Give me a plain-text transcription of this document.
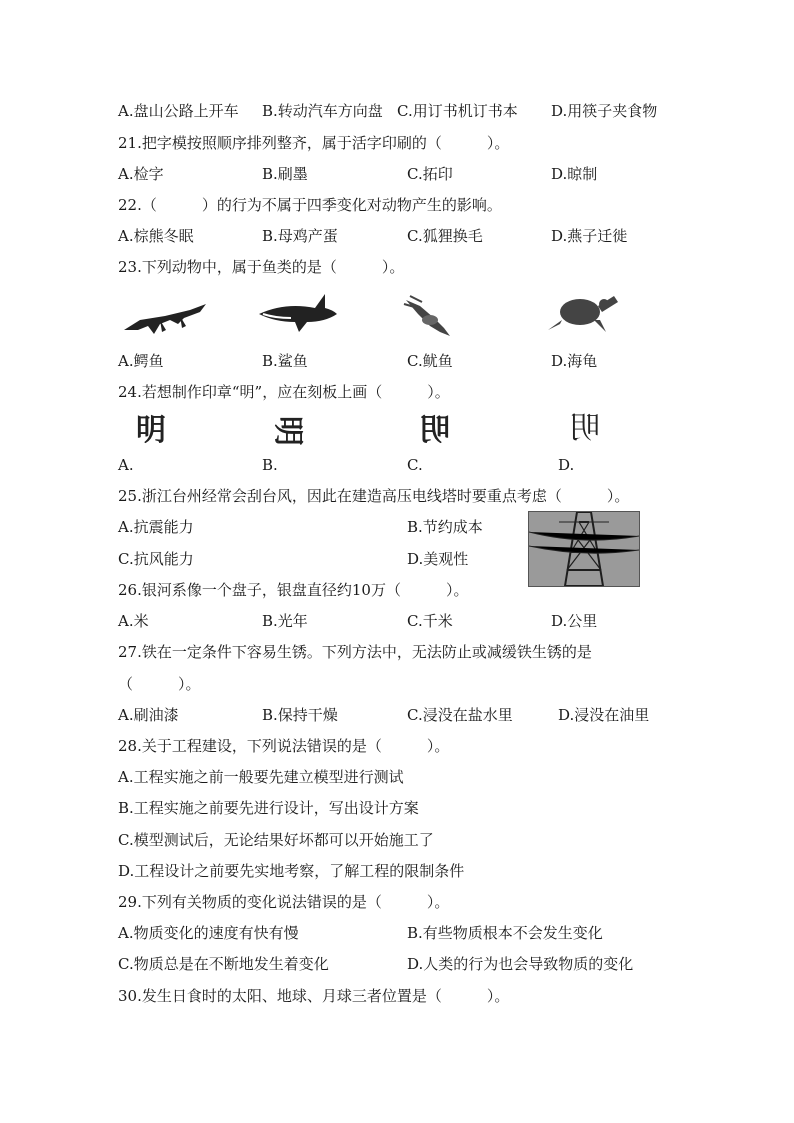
A.盘山公路上开车 B.转动汽车方向盘 C.用订书机订书本 D.用筷子夹食物
21.把字模按照顺序排列整齐，属于活字印刷的（　　　）。
A.检字	B.刷墨	C.拓印	D.晾制
22.（　　　）的行为不属于四季变化对动物产生的影响。
A.棕熊冬眠	B.母鸡产蛋	C.狐狸换毛	D.燕子迁徙
23.下列动物中，属于鱼类的是（　　　）。
A.鳄鱼	B.鲨鱼	C.鱿鱼	D.海龟
24.若想制作印章“明”，应在刻板上画（　　　）。
明	明	明	明
A.	B.	C.	D.
25.浙江台州经常会刮台风，因此在建造高压电线塔时要重点考虑（　　　）。
A.抗震能力	B.节约成本
C.抗风能力	D.美观性
26.银河系像一个盘子，银盘直径约10万（　　　）。
A.米	B.光年	C.千米	D.公里
27.铁在一定条件下容易生锈。下列方法中，无法防止或减缓铁生锈的是
（　　　）。
A.刷油漆	B.保持干燥	C.浸没在盐水里	D.浸没在油里
28.关于工程建设，下列说法错误的是（　　　）。
A.工程实施之前一般要先建立模型进行测试
B.工程实施之前要先进行设计，写出设计方案
C.模型测试后，无论结果好坏都可以开始施工了
D.工程设计之前要先实地考察，了解工程的限制条件
29.下列有关物质的变化说法错误的是（　　　）。
A.物质变化的速度有快有慢	B.有些物质根本不会发生变化
C.物质总是在不断地发生着变化	D.人类的行为也会导致物质的变化
30.发生日食时的太阳、地球、月球三者位置是（　　　）。
